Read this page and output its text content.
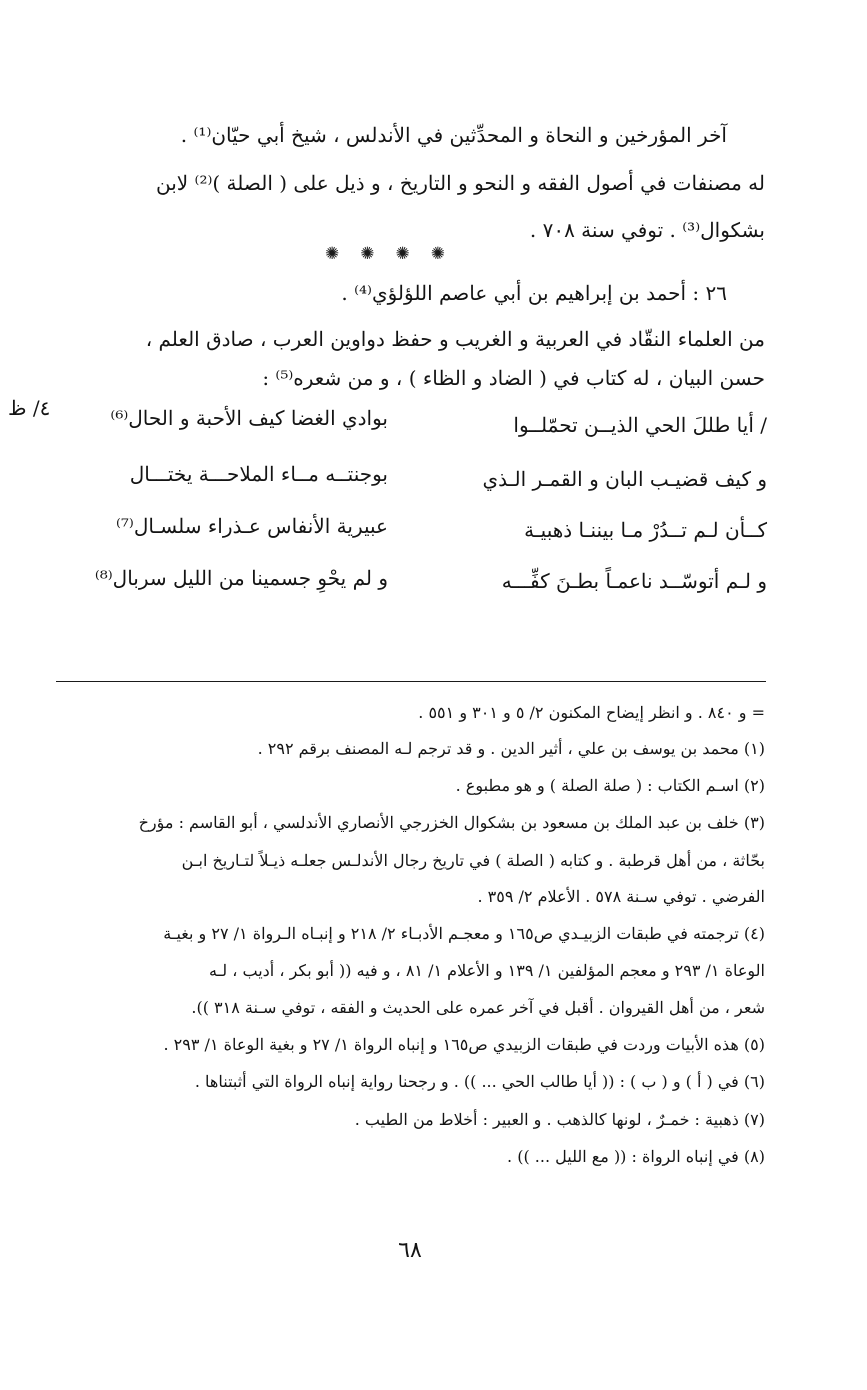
آخر المؤرخين و النحاة و المحدِّثين في الأندلس ، شيخ أبي حيّان⁽¹⁾ .
له مصنفات في أصول الفقه و النحو و التاريخ ، و ذيل على ( الصلة )⁽²⁾ لابن
بشكوال⁽³⁾ . توفي سنة ٧٠٨ .
✺ ✺ ✺ ✺
٢٦ : أحمد بن إبراهيم بن أبي عاصم اللؤلؤي⁽⁴⁾ .
من العلماء النقّاد في العربية و الغريب و حفظ دواوين العرب ، صادق العلم ،
حسن البيان ، له كتاب في ( الضاد و الظاء ) ، و من شعره⁽⁵⁾ :
٤/ ظ
/ أيا طللَ الحي الذيــن تحمّلــوا
بوادي الغضا كيف الأحبة و الحال⁽⁶⁾
و كيف قضيـب البان و القمـر الـذي
بوجنتــه مــاء الملاحـــة يختـــال
كــأن لـم تــدُرْ مـا بيننـا ذهبيـة
عبيرية الأنفاس عـذراء سلسـال⁽⁷⁾
و لـم أتوسّــد ناعمـاً بطـنَ كفِّـــه
و لم يحْوِ جسمينا من الليل سربال⁽⁸⁾
= و ٨٤٠ . و انظر إيضاح المكنون ٢/ ٥ و ٣٠١ و ٥٥١ .
(١) محمد بن يوسف بن علي ، أثير الدين . و قد ترجم لـه المصنف برقم ٢٩٢ .
(٢) اسـم الكتاب : ( صلة الصلة ) و هو مطبوع .
(٣) خلف بن عبد الملك بن مسعود بن بشكوال الخزرجي الأنصاري الأندلسي ، أبو القاسم : مؤرخ
بحّاثة ، من أهل قرطبة . و كتابه ( الصلة ) في تاريخ رجال الأندلـس جعلـه ذيـلاً لتـاريخ ابـن
الفرضي . توفي سـنة ٥٧٨ . الأعلام ٢/ ٣٥٩ .
(٤) ترجمته في طبقات الزبيـدي ص١٦٥ و معجـم الأدبـاء ٢/ ٢١٨ و إنبـاه الـرواة ١/ ٢٧ و بغيـة
الوعاة ١/ ٢٩٣ و معجم المؤلفين ١/ ١٣٩ و الأعلام ١/ ٨١ ، و فيه (( أبو بكر ، أديب ، لـه
شعر ، من أهل القيروان . أقبل في آخر عمره على الحديث و الفقه ، توفي سـنة ٣١٨ )).
(٥) هذه الأبيات وردت في طبقات الزبيدي ص١٦٥ و إنباه الرواة ١/ ٢٧ و بغية الوعاة ١/ ٢٩٣ .
(٦) في ( أ ) و ( ب ) : (( أيا طالب الحي ... )) . و رجحنا رواية إنباه الرواة التي أثبتناها .
(٧) ذهبية : خمـرٌ ، لونها كالذهب . و العبير : أخلاط من الطيب .
(٨) في إنباه الرواة : (( مع الليل ... )) .
٦٨
